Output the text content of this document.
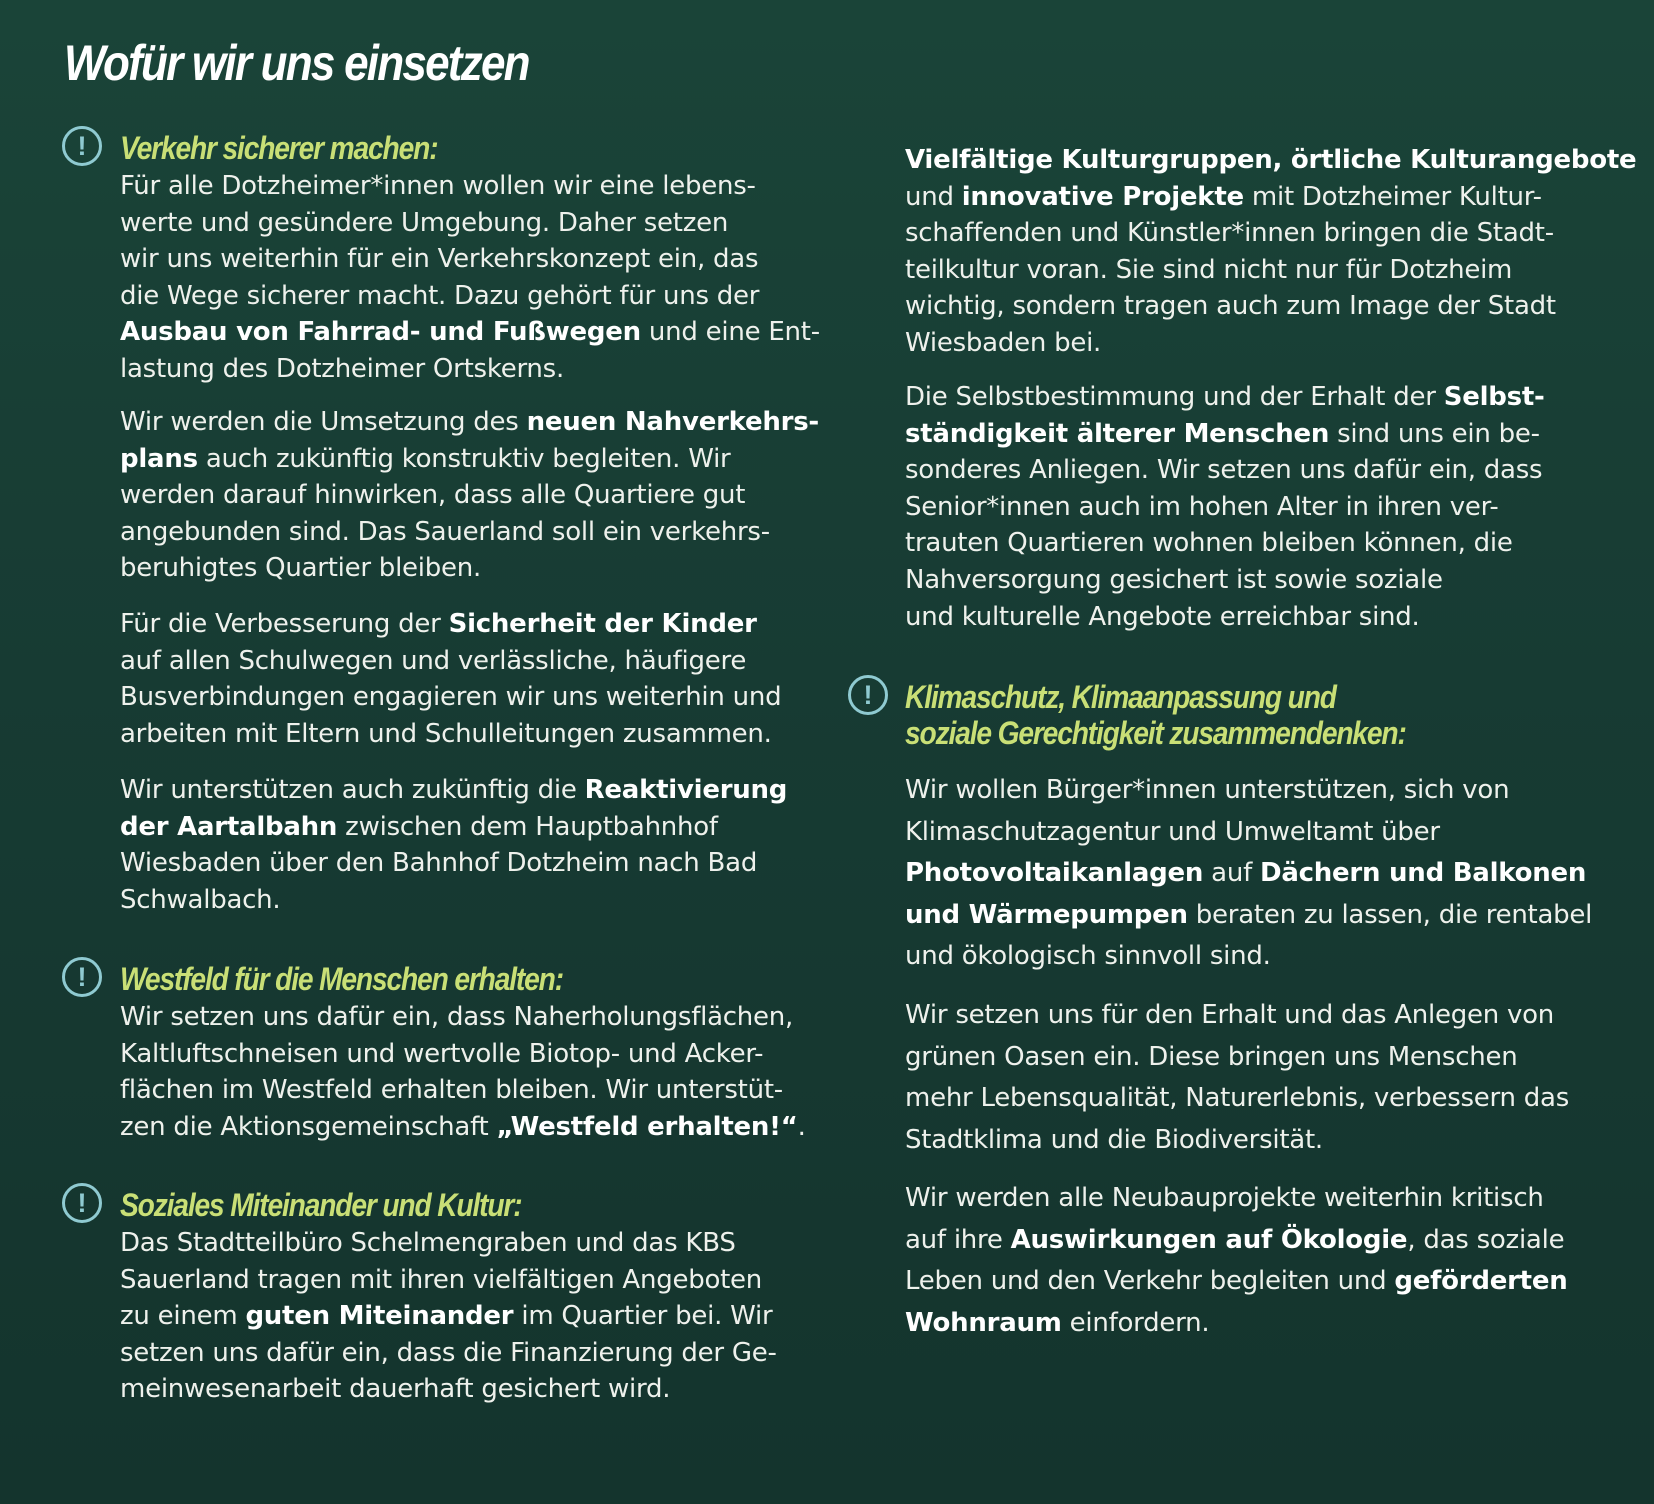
Wofür wir uns einsetzen
!	Verkehr sicherer machen:

Für alle Dotzheimer*innen wollen wir eine lebens-
werte und gesündere Umgebung. Daher setzen
wir uns weiterhin für ein Verkehrskonzept ein, das
die Wege sicherer macht. Dazu gehört für uns der
Ausbau von Fahrrad- und Fußwegen und eine Ent-
lastung des Dotzheimer Ortskerns.

Wir werden die Umsetzung des neuen Nahverkehrs-
plans auch zukünftig konstruktiv begleiten. Wir
werden darauf hinwirken, dass alle Quartiere gut
angebunden sind. Das Sauerland soll ein verkehrs-
beruhigtes Quartier bleiben.

Für die Verbesserung der Sicherheit der Kinder
auf allen Schulwegen und verlässliche, häufigere
Busverbindungen engagieren wir uns weiterhin und
arbeiten mit Eltern und Schulleitungen zusammen.

Wir unterstützen auch zukünftig die Reaktivierung
der Aartalbahn zwischen dem Hauptbahnhof
Wiesbaden über den Bahnhof Dotzheim nach Bad
Schwalbach.

!	Westfeld für die Menschen erhalten:

Wir setzen uns dafür ein, dass Naherholungsflächen,
Kaltluftschneisen und wertvolle Biotop- und Acker-
flächen im Westfeld erhalten bleiben. Wir unterstüt-
zen die Aktionsgemeinschaft „Westfeld erhalten!“.

!	Soziales Miteinander und Kultur:

Das Stadtteilbüro Schelmengraben und das KBS
Sauerland tragen mit ihren vielfältigen Angeboten
zu einem guten Miteinander im Quartier bei. Wir
setzen uns dafür ein, dass die Finanzierung der Ge-
meinwesenarbeit dauerhaft gesichert wird.

Vielfältige Kulturgruppen, örtliche Kulturangebote
und innovative Projekte mit Dotzheimer Kultur-
schaffenden und Künstler*innen bringen die Stadt-
teilkultur voran. Sie sind nicht nur für Dotzheim
wichtig, sondern tragen auch zum Image der Stadt
Wiesbaden bei.

Die Selbstbestimmung und der Erhalt der Selbst-
ständigkeit älterer Menschen sind uns ein be-
sonderes Anliegen. Wir setzen uns dafür ein, dass
Senior*innen auch im hohen Alter in ihren ver-
trauten Quartieren wohnen bleiben können, die
Nahversorgung gesichert ist sowie soziale
und kulturelle Angebote erreichbar sind.

!	Klimaschutz, Klimaanpassung und
soziale Gerechtigkeit zusammendenken:

Wir wollen Bürger*innen unterstützen, sich von
Klimaschutzagentur und Umweltamt über
Photovoltaikanlagen auf Dächern und Balkonen
und Wärmepumpen beraten zu lassen, die rentabel
und ökologisch sinnvoll sind.

Wir setzen uns für den Erhalt und das Anlegen von
grünen Oasen ein. Diese bringen uns Menschen
mehr Lebensqualität, Naturerlebnis, verbessern das
Stadtklima und die Biodiversität.

Wir werden alle Neubauprojekte weiterhin kritisch
auf ihre Auswirkungen auf Ökologie, das soziale
Leben und den Verkehr begleiten und geförderten
Wohnraum einfordern.
